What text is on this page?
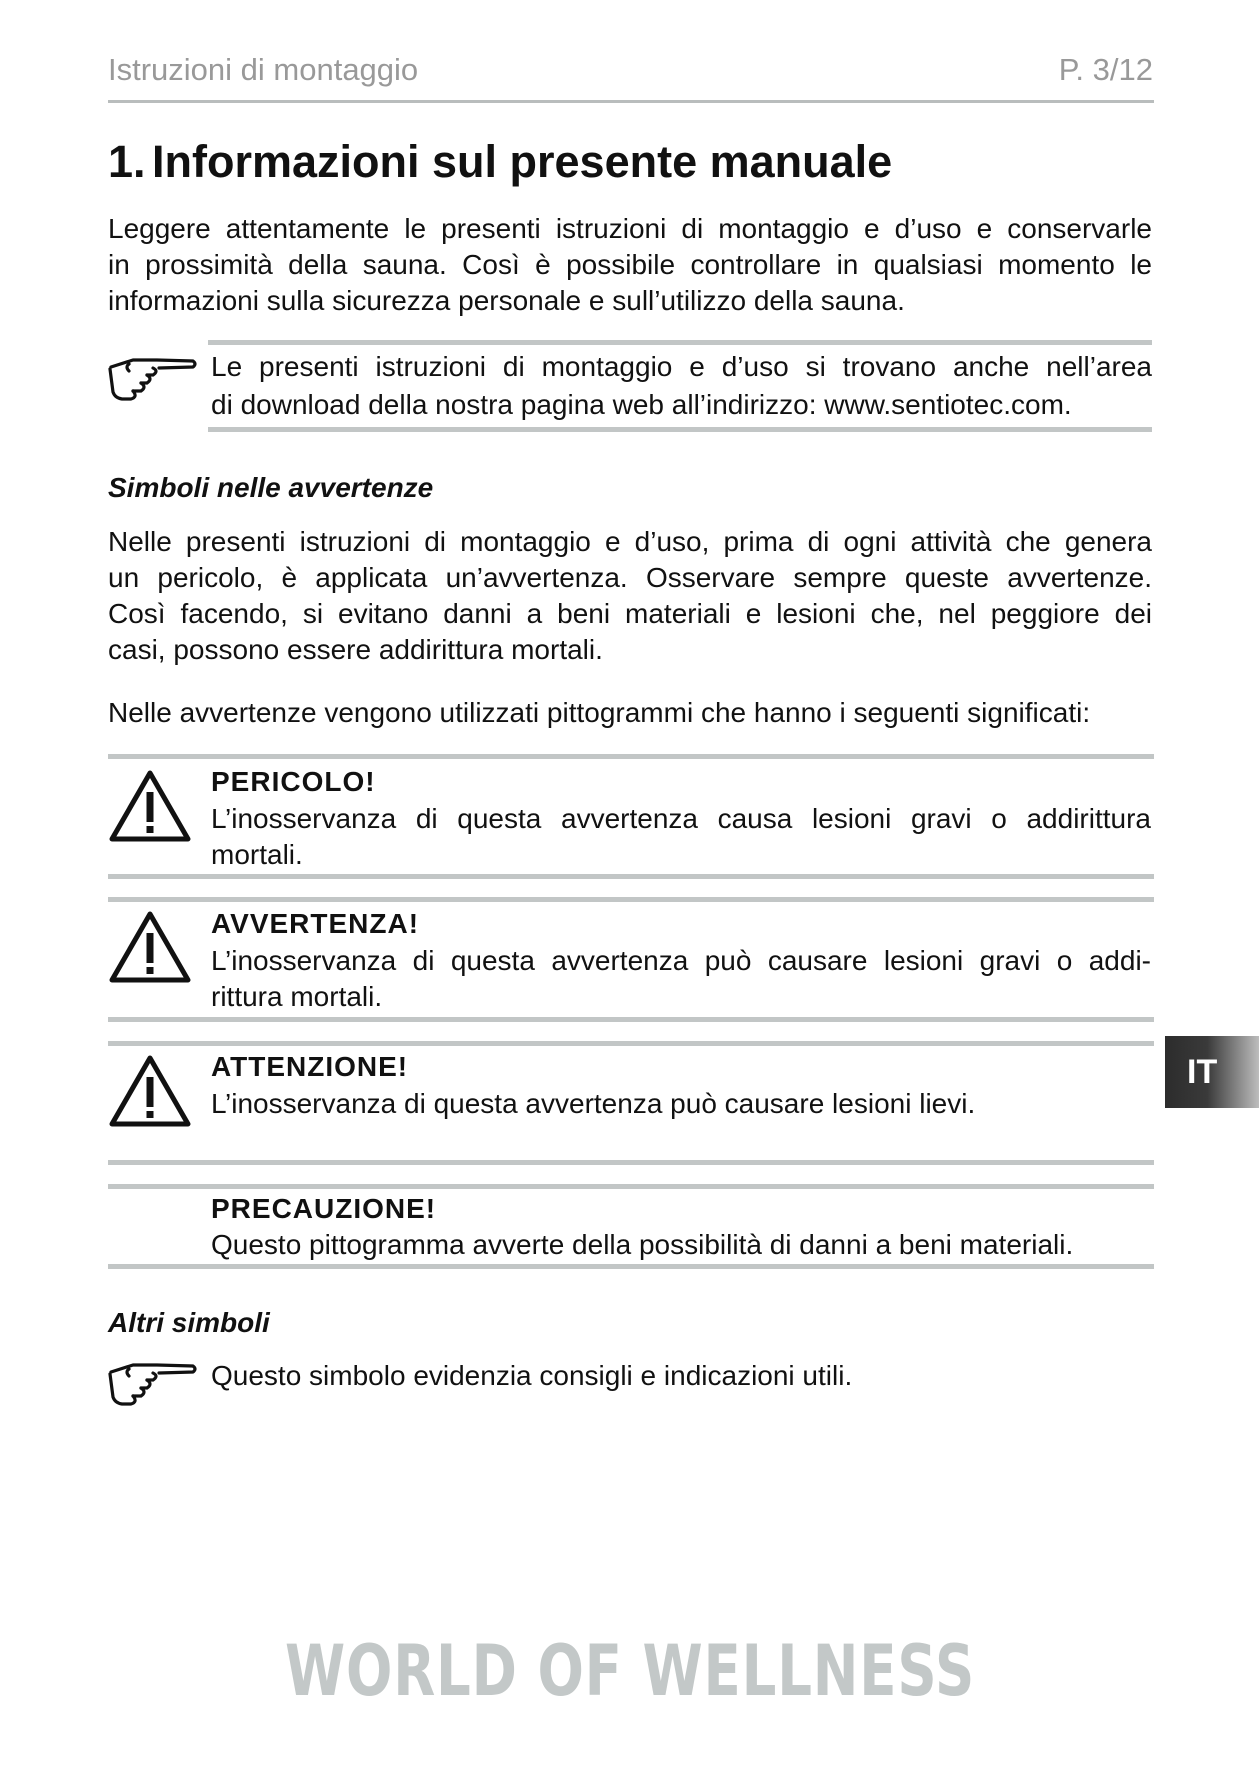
Istruzioni di montaggio	P. 3/12
1. Informazioni sul presente manuale
Leggere attentamente le presenti istruzioni di montaggio e d’uso e conservarle
in prossimità della sauna. Così è possibile controllare in qualsiasi momento le
informazioni sulla sicurezza personale e sull’utilizzo della sauna.
Le presenti istruzioni di montaggio e d’uso si trovano anche nell’area
di download della nostra pagina web all’indirizzo: www.sentiotec.com.
Simboli nelle avvertenze
Nelle presenti istruzioni di montaggio e d’uso, prima di ogni attività che genera
un pericolo, è applicata un’avvertenza. Osservare sempre queste avvertenze.
Così facendo, si evitano danni a beni materiali e lesioni che, nel peggiore dei
casi, possono essere addirittura mortali.
Nelle avvertenze vengono utilizzati pittogrammi che hanno i seguenti significati:
PERICOLO!
L’inosservanza di questa avvertenza causa lesioni gravi o addirittura
mortali.
AVVERTENZA!
L’inosservanza di questa avvertenza può causare lesioni gravi o addi-
rittura mortali.
ATTENZIONE!
L’inosservanza di questa avvertenza può causare lesioni lievi.
PRECAUZIONE!
Questo pittogramma avverte della possibilità di danni a beni materiali.
Altri simboli
Questo simbolo evidenzia consigli e indicazioni utili.
IT
WORLD OF WELLNESS
